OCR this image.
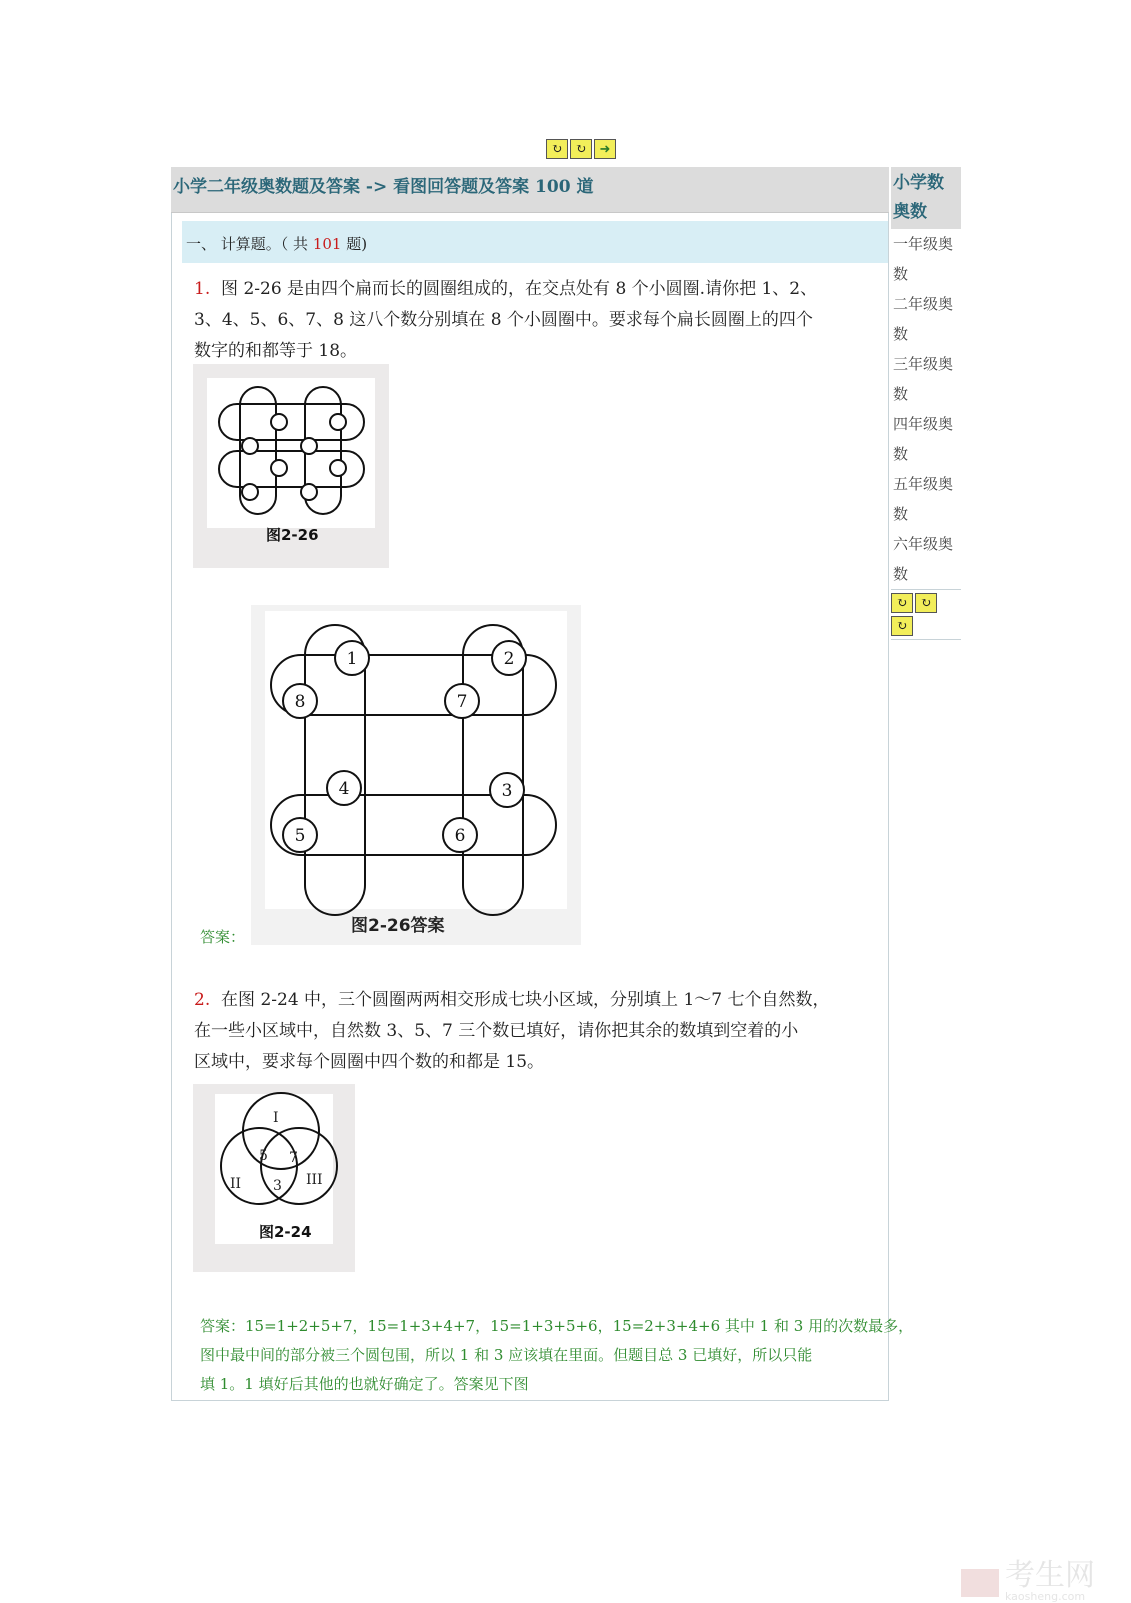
↻	↻	➜
小学二年级奥数题及答案 -> 看图回答题及答案 100 道
一、 计算题。（ 共 101 题)
1. 图 2-26 是由四个扁而长的圆圈组成的，在交点处有 8 个小圆圈.请你把 1、2、
3、4、5、6、7、8 这八个数分别填在 8 个小圆圈中。要求每个扁长圆圈上的四个
数字的和都等于 18。
图2-26
1	2
8	7
4	3
5	6
图2-26答案
答案：
2. 在图 2-24 中，三个圆圈两两相交形成七块小区域，分别填上 1～7 七个自然数，
在一些小区域中，自然数 3、5、7 三个数已填好，请你把其余的数填到空着的小
区域中，要求每个圆圈中四个数的和都是 15。
I
II	III
5 7
3
图2-24
答案：15=1+2+5+7，15=1+3+4+7，15=1+3+5+6，15=2+3+4+6 其中 1 和 3 用的次数最多，
图中最中间的部分被三个圆包围，所以 1 和 3 应该填在里面。但题目总 3 已填好，所以只能
填 1。1 填好后其他的也就好确定了。答案见下图
小学数
奥数
一年级奥
数
二年级奥
数
三年级奥
数
四年级奥
数
五年级奥
数
六年级奥
数
↻	↻
↻
考生网
kaosheng.com
